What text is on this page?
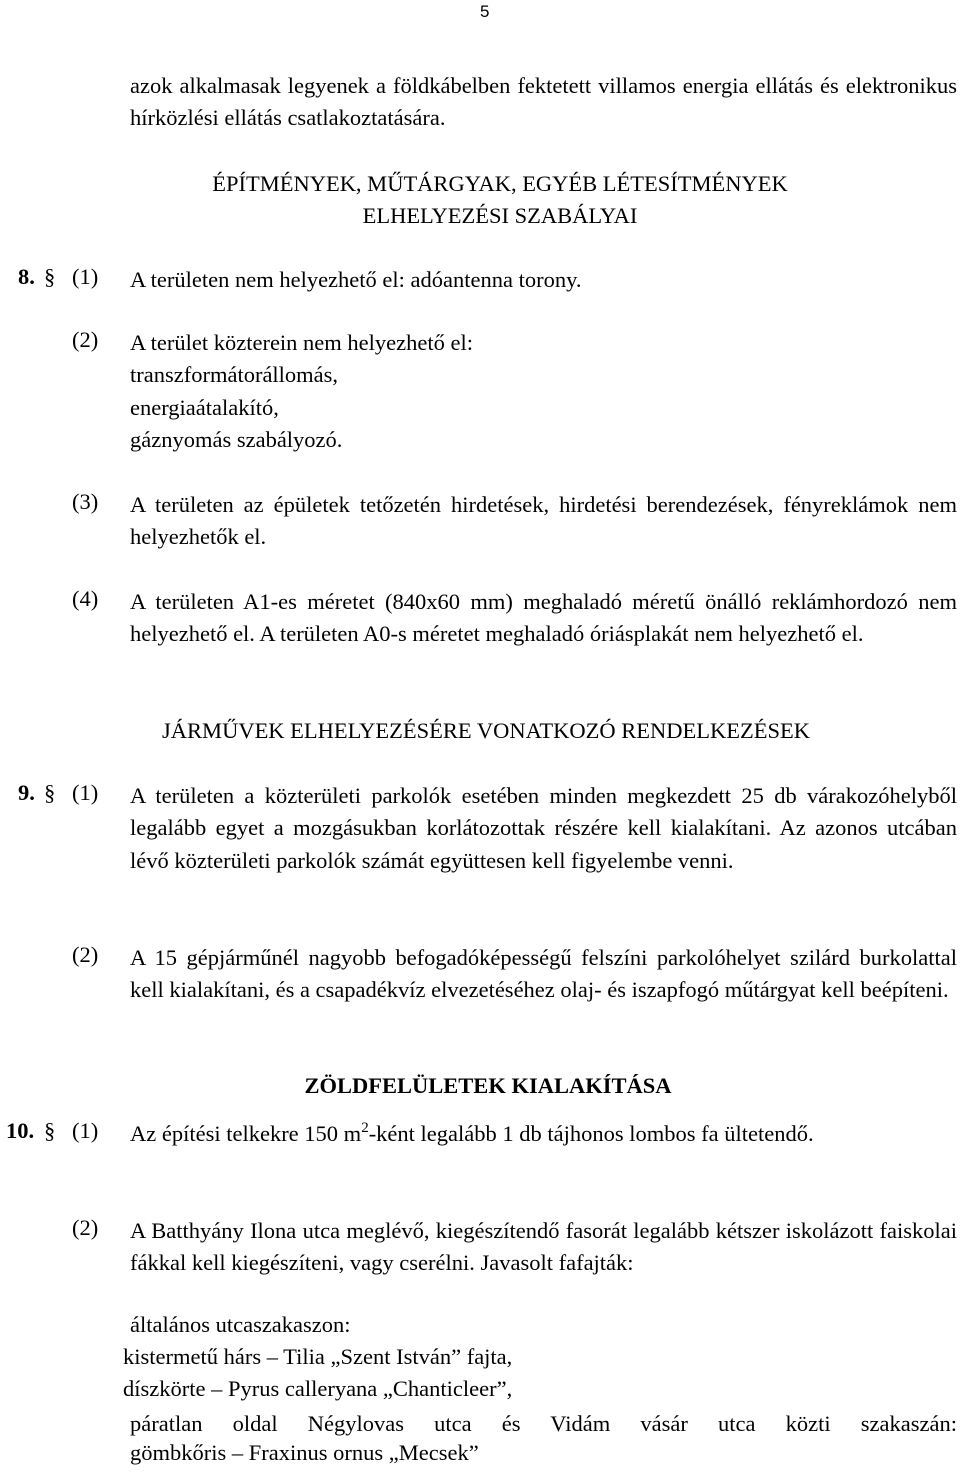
5
azok alkalmasak legyenek a földkábelben fektetett villamos energia ellátás és elektronikus hírközlési ellátás csatlakoztatására.
ÉPÍTMÉNYEK, MŰTÁRGYAK, EGYÉB LÉTESÍTMÉNYEK
ELHELYEZÉSI SZABÁLYAI
8. § (1) A területen nem helyezhető el: adóantenna torony.
(2) A terület közterein nem helyezhető el:
transzformátorállomás,
energiaátalakító,
gáznyomás szabályozó.
(3) A területen az épületek tetőzetén hirdetések, hirdetési berendezések, fényreklámok nem helyezhetők el.
(4) A területen A1-es méretet (840x60 mm) meghaladó méretű önálló reklámhordozó nem helyezhető el. A területen A0-s méretet meghaladó óriásplakát nem helyezhető el.
JÁRMŰVEK ELHELYEZÉSÉRE VONATKOZÓ RENDELKEZÉSEK
9. § (1) A területen a közterületi parkolók esetében minden megkezdett 25 db várakozóhelyből legalább egyet a mozgásukban korlátozottak részére kell kialakítani. Az azonos utcában lévő közterületi parkolók számát együttesen kell figyelembe venni.
(2) A 15 gépjárműnél nagyobb befogadóképességű felszíni parkolóhelyet szilárd burkolattal kell kialakítani, és a csapadékvíz elvezetéséhez olaj- és iszapfogó műtárgyat kell beépíteni.
ZÖLDFELÜLETEK KIALAKÍTÁSA
10. § (1) Az építési telkekre 150 $m^2$-ként legalább 1 db tájhonos lombos fa ültetendő.
(2) A Batthyány Ilona utca meglévő, kiegészítendő fasorát legalább kétszer iskolázott faiskolai fákkal kell kiegészíteni, vagy cserélni. Javasolt fafajták:
általános utcaszakaszon:
kistermetű hárs – Tilia „Szent István” fajta,
díszkörte – Pyrus calleryana „Chanticleer”,
páratlan oldal Négylovas utca és Vidám vásár utca közti szakaszán:
gömbkőris – Fraxinus ornus „Mecsek”
